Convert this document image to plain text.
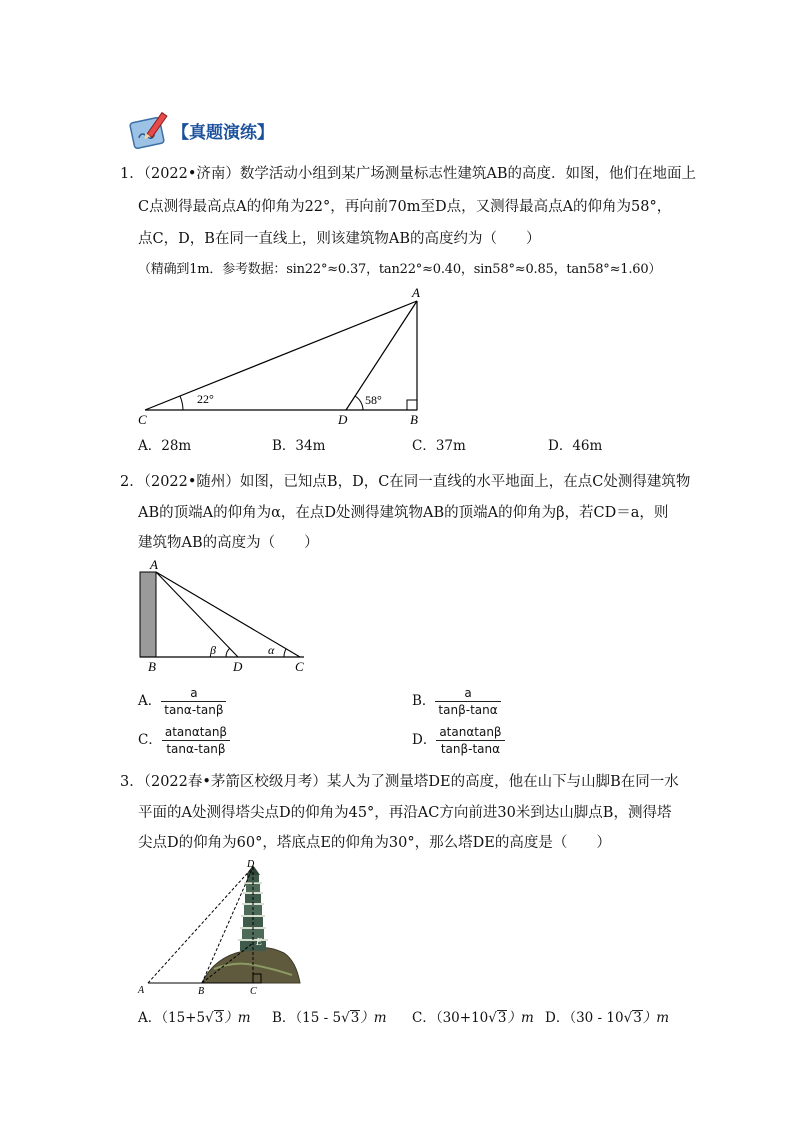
【真题演练】
1．（2022•济南）数学活动小组到某广场测量标志性建筑AB的高度．如图，他们在地面上
C点测得最高点A的仰角为22°，再向前70m至D点，又测得最高点A的仰角为58°，
点C，D，B在同一直线上，则该建筑物AB的高度约为（　　）
（精确到1m．参考数据：sin22°≈0.37，tan22°≈0.40，sin58°≈0.85，tan58°≈1.60）
A
B
C	D
22°	58°
A．28m	B．34m	C．37m	D．46m
2．（2022•随州）如图，已知点B，D，C在同一直线的水平地面上，在点C处测得建筑物
AB的顶端A的仰角为α，在点D处测得建筑物AB的顶端A的仰角为β，若CD＝a，则
建筑物AB的高度为（　　）
A
B	D	C
β	α
A． $\frac{a}{\tan\alpha-\tan\beta}$	B． $\frac{a}{\tan\beta-\tan\alpha}$
C． $\frac{atan\alpha\tan\beta}{\tan\alpha-\tan\beta}$	D． $\frac{atan\alpha\tan\beta}{\tan\beta-\tan\alpha}$
3．（2022春•茅箭区校级月考）某人为了测量塔DE的高度，他在山下与山脚B在同一水
平面的A处测得塔尖点D的仰角为45°，再沿AC方向前进30米到达山脚点B，测得塔
尖点D的仰角为60°，塔底点E的仰角为30°，那么塔DE的高度是（　　）
D
E
A	B	C
A．（15+5√3）m B．（15 - 5√3）m C．（30+10√3）m D．（30 - 10√3）m
